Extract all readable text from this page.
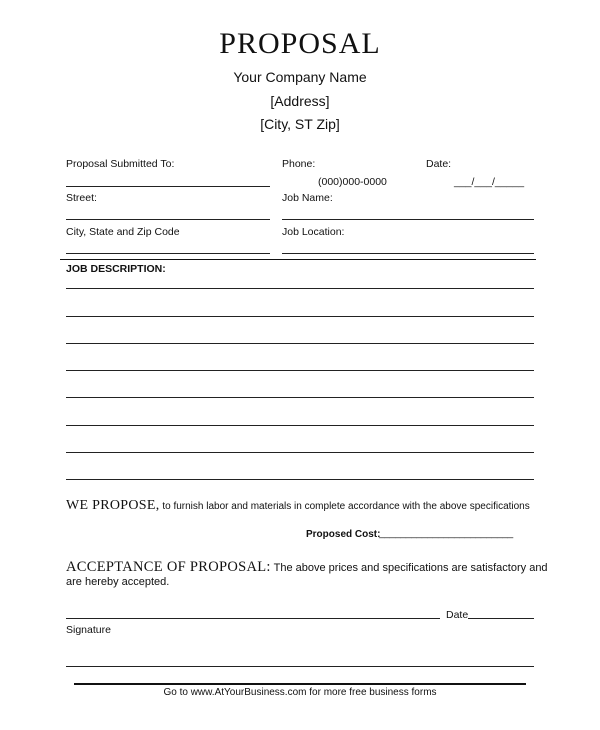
PROPOSAL
Your Company Name
[Address]
[City, ST Zip]
Proposal Submitted To:	Phone:	Date:
(000)000-0000	___/___/_____
Street:	Job Name:
City, State and Zip Code	Job Location:
JOB DESCRIPTION:
WE PROPOSE, to furnish labor and materials in complete accordance with the above specifications
Proposed Cost:
_________________________
ACCEPTANCE OF PROPOSAL: The above prices and specifications are satisfactory and
are hereby accepted.
Date
Signature
Go to www.AtYourBusiness.com for more free business forms
